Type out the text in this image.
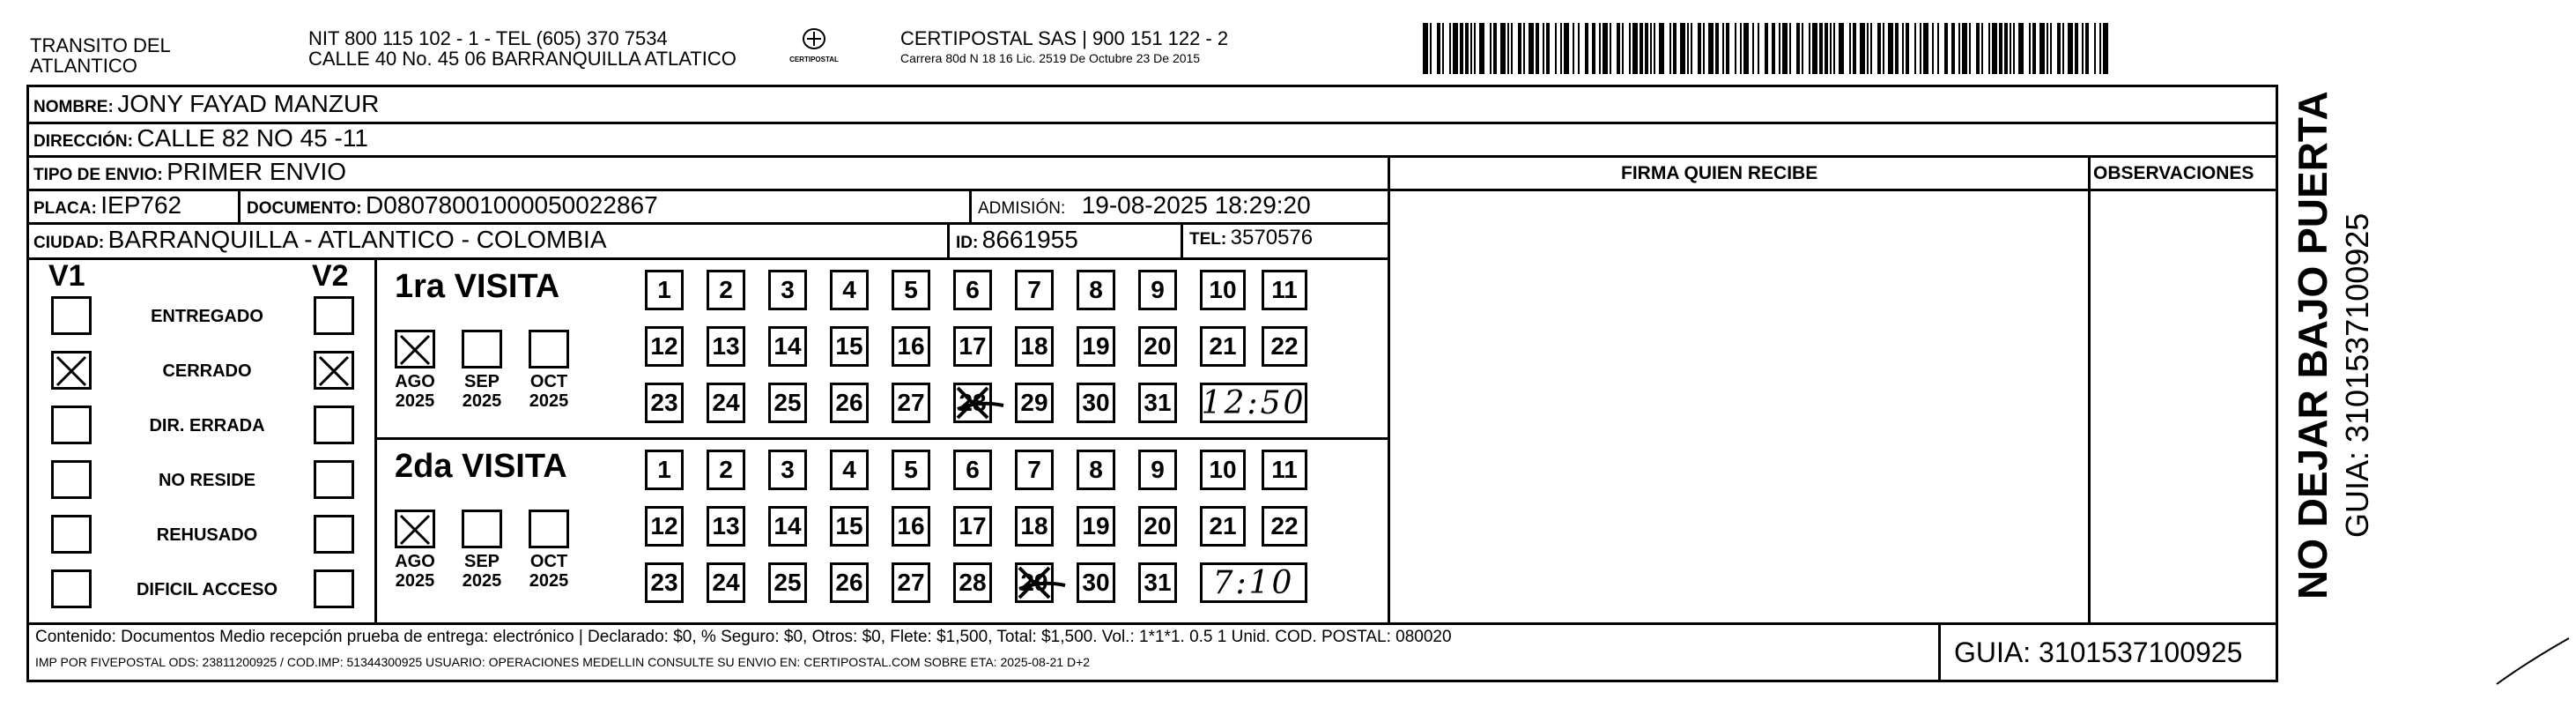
TRANSITO DEL
ATLANTICO
NIT 800 115 102 - 1 - TEL (605) 370 7534
CALLE 40 No. 45 06 BARRANQUILLA ATLATICO	CERTIPOSTAL
CERTIPOSTAL SAS | 900 151 122 - 2
Carrera 80d N 18 16 Lic. 2519 De Octubre 23 De 2015
NOMBRE: JONY FAYAD MANZUR
DIRECCIÓN: CALLE 82 NO 45 -11
TIPO DE ENVIO: PRIMER ENVIO	FIRMA QUIEN RECIBE	OBSERVACIONES
PLACA: IEP762	DOCUMENTO: D08078001000050022867	ADMISIÓN: 19-08-2025 18:29:20
CIUDAD: BARRANQUILLA - ATLANTICO - COLOMBIA	ID: 8661955	TEL: 3570576
V1	V2
ENTREGADO
CERRADO
DIR. ERRADA
NO RESIDE
REHUSADO
DIFICIL ACCESO
1ra VISITA
AGO
2025
SEP
2025
OCT
2025
1	2	3	4	5	6	7	8	9	10	11
12 13 14 15 16 17 18 19 20	21	22
23 24 25 26 27 28 29 30 31 12:50
2da VISITA
AGO
2025
SEP
2025
OCT
2025
1	2	3	4	5	6	7	8	9	10	11
12 13 14 15 16 17 18 19 20	21	22
23 24 25 26 27 28 29 30 31	7:10
Contenido: Documentos Medio recepción prueba de entrega: electrónico | Declarado: $0, % Seguro: $0, Otros: $0, Flete: $1,500, Total: $1,500. Vol.: 1*1*1. 0.5 1 Unid. COD. POSTAL: 080020
IMP POR FIVEPOSTAL ODS: 23811200925 / COD.IMP: 51344300925 USUARIO: OPERACIONES MEDELLIN CONSULTE SU ENVIO EN: CERTIPOSTAL.COM SOBRE ETA: 2025-08-21 D+2	GUIA: 3101537100925
NO DEJAR BAJO PUERTA GUIA: 3101537100925
